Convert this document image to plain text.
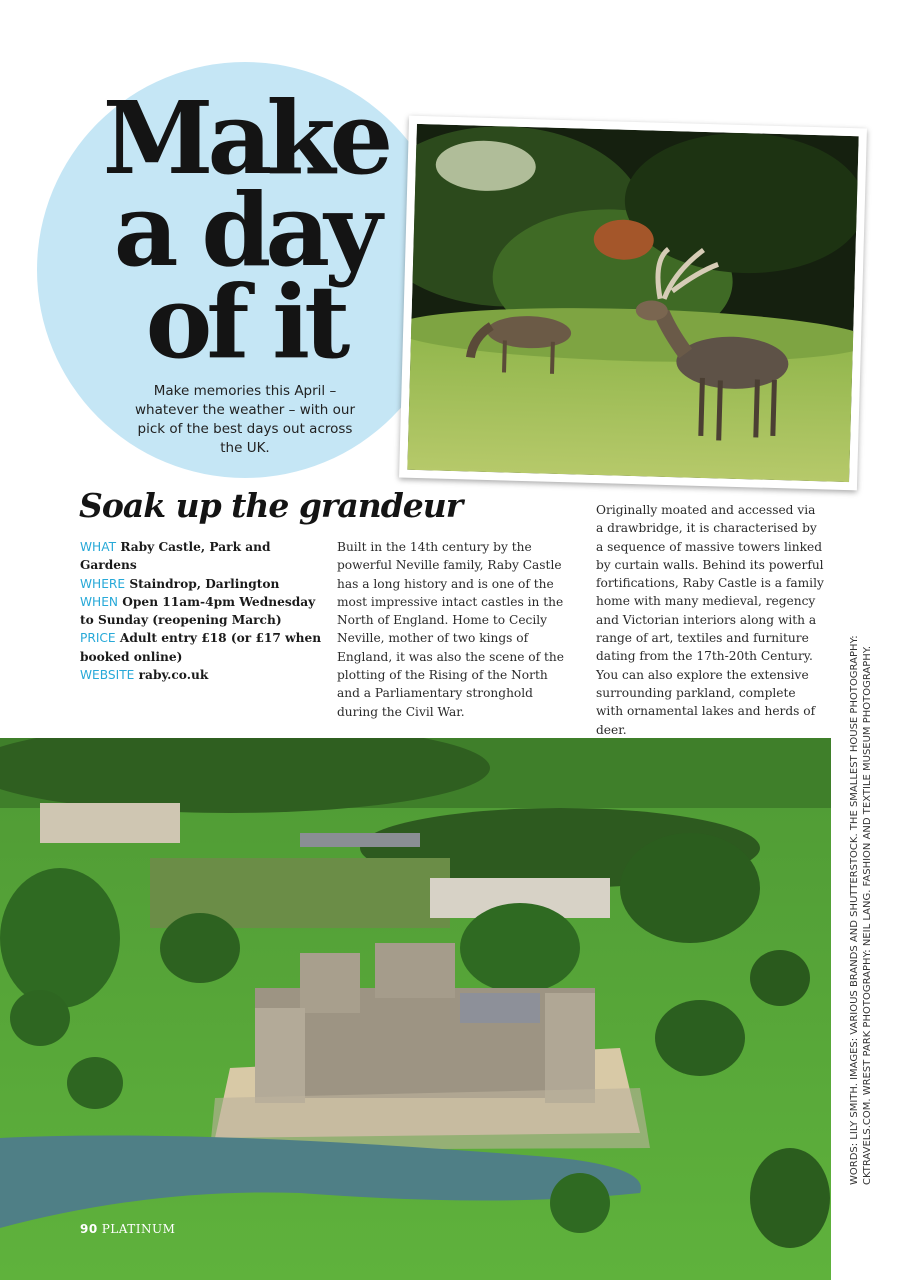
Make
a day
of it

Make memories this April – whatever the weather – with our pick of the best days out across the UK.

Soak up the grandeur
WHAT Raby Castle, Park and Gardens
WHERE Staindrop, Darlington
WHEN Open 11am-4pm Wednesday to Sunday (reopening March)
PRICE Adult entry £18 (or £17 when booked online)
WEBSITE raby.co.uk

Built in the 14th century by the powerful Neville family, Raby Castle has a long history and is one of the most impressive intact castles in the North of England. Home to Cecily Neville, mother of two kings of England, it was also the scene of the plotting of the Rising of the North and a Parliamentary stronghold during the Civil War.

Originally moated and accessed via a drawbridge, it is characterised by a sequence of massive towers linked by curtain walls. Behind its powerful fortifications, Raby Castle is a family home with many medieval, regency and Victorian interiors along with a range of art, textiles and furniture dating from the 17th-20th Century. You can also explore the extensive surrounding parkland, complete with ornamental lakes and herds of deer.	WORDS: LILY SMITH. IMAGES: VARIOUS BRANDS AND SHUTTERSTOCK. THE SMALLEST HOUSE PHOTOGRAPHY: CKTRAVELS.COM. WREST PARK PHOTOGRAPHY: NEIL LANG. FASHION AND TEXTILE MUSEUM PHOTOGRAPHY.
90 PLATINUM
